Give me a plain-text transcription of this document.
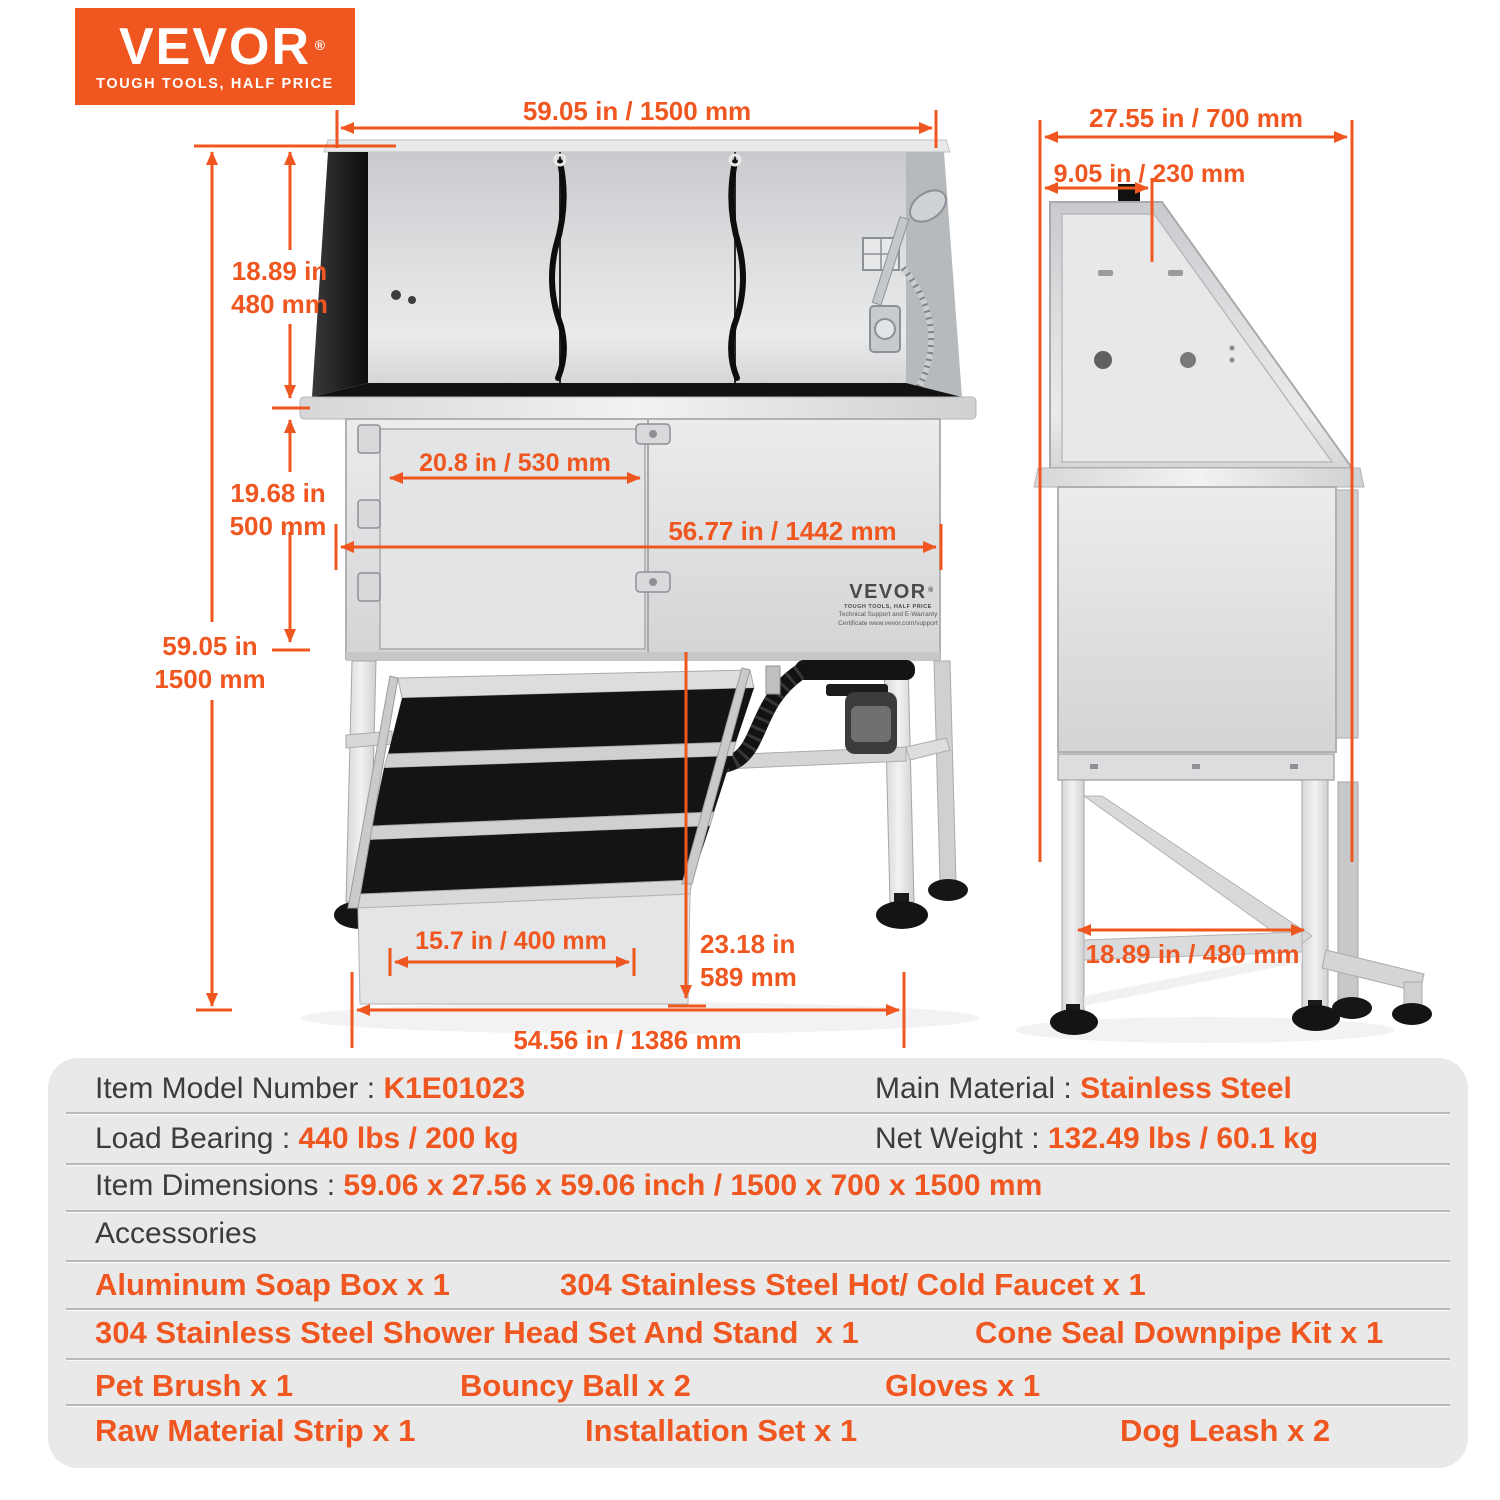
VEVOR ®
TOUGH TOOLS, HALF PRICE
59.05 in / 1500 mm
18.89 in
480 mm
19.68 in
500 mm
59.05 in
1500 mm
20.8 in / 530 mm
56.77 in / 1442 mm
15.7 in / 400 mm	23.18 in
589 mm
54.56 in / 1386 mm
27.55 in / 700 mm
9.05 in / 230 mm
18.89 in / 480 mm
VEVOR ®
TOUGH TOOLS, HALF PRICE
Technical Support and E-Warranty
Certificate www.vevor.com/support
Item Model Number : K1E01023	Main Material : Stainless Steel
Load Bearing : 440 lbs / 200 kg	Net Weight : 132.49 lbs / 60.1 kg
Item Dimensions : 59.06 x 27.56 x 59.06 inch / 1500 x 700 x 1500 mm
Accessories
Aluminum Soap Box x 1	304 Stainless Steel Hot/ Cold Faucet x 1
304 Stainless Steel Shower Head Set And Stand  x 1	Cone Seal Downpipe Kit x 1
Pet Brush x 1	Bouncy Ball x 2	Gloves x 1
Raw Material Strip x 1	Installation Set x 1	Dog Leash x 2
